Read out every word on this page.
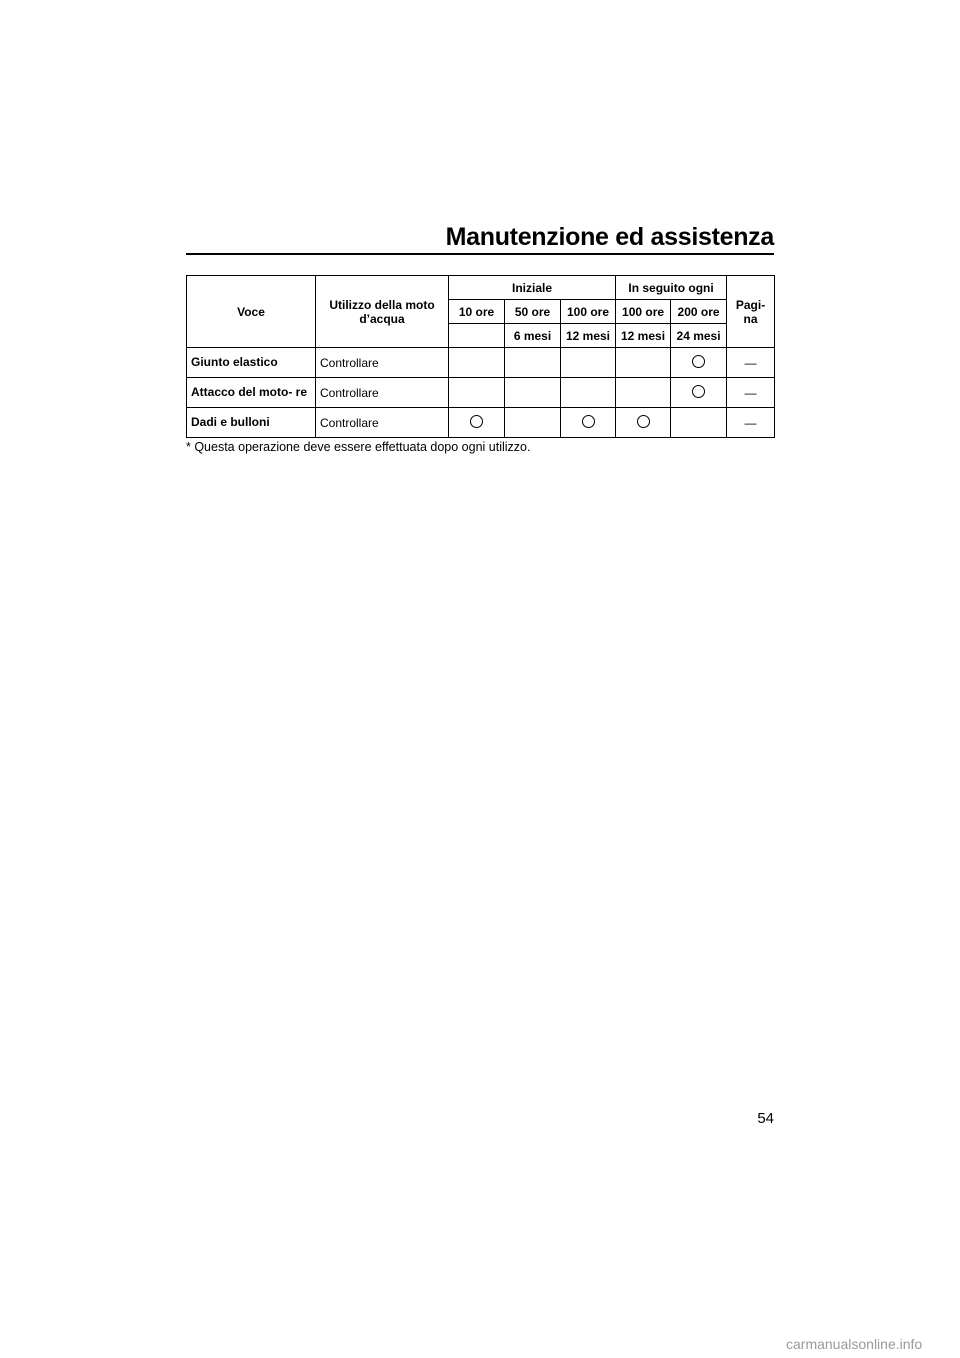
Manutenzione ed assistenza
Voce	Utilizzo della moto d’acqua	Iniziale			In seguito ogni		Pagi- na
		10 ore	50 ore	100 ore	100 ore	200 ore	
			6 mesi	12 mesi	12 mesi	24 mesi	
Giunto elastico	Controllare						—
Attacco del moto- re	Controllare						—
Dadi e bulloni	Controllare						—
* Questa operazione deve essere effettuata dopo ogni utilizzo.
54
carmanualsonline.info
